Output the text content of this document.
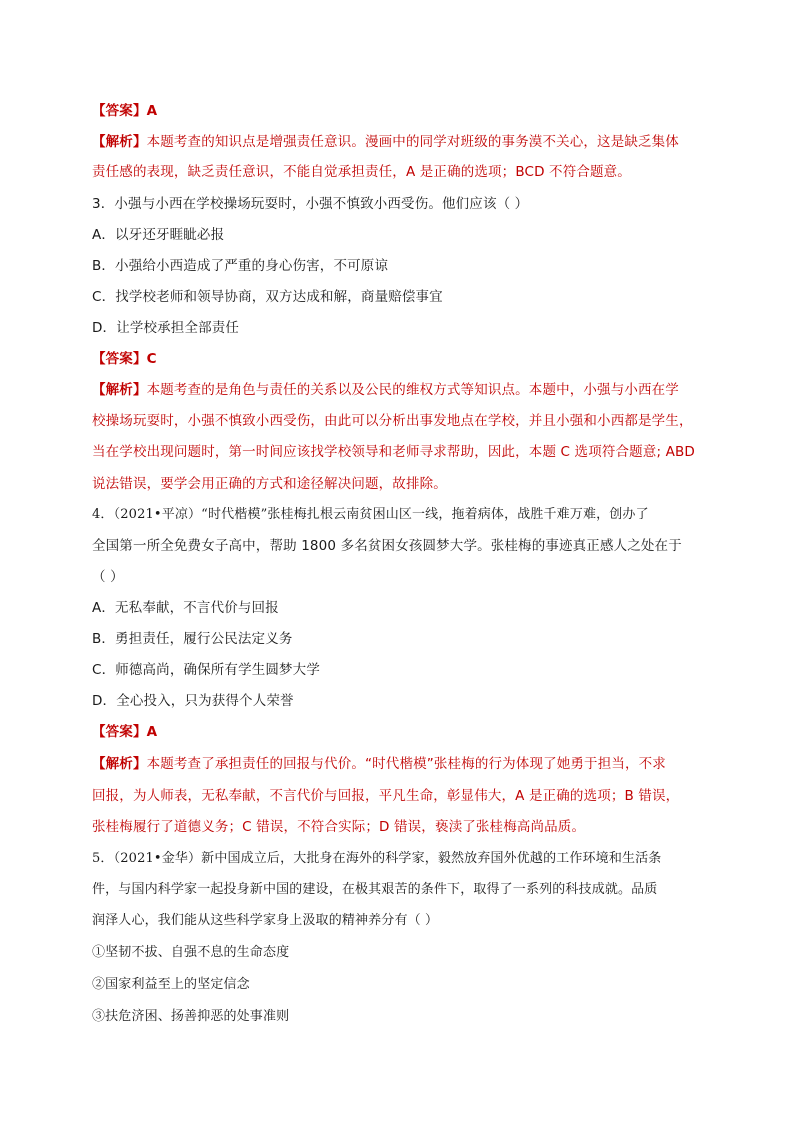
【答案】A
【解析】本题考查的知识点是增强责任意识。漫画中的同学对班级的事务漠不关心，这是缺乏集体
责任感的表现，缺乏责任意识，不能自觉承担责任，A 是正确的选项；BCD 不符合题意。
3．小强与小西在学校操场玩耍时，小强不慎致小西受伤。他们应该（ ）
A．以牙还牙睚眦必报
B．小强给小西造成了严重的身心伤害，不可原谅
C．找学校老师和领导协商，双方达成和解，商量赔偿事宜
D．让学校承担全部责任
【答案】C
【解析】本题考查的是角色与责任的关系以及公民的维权方式等知识点。本题中，小强与小西在学
校操场玩耍时，小强不慎致小西受伤，由此可以分析出事发地点在学校，并且小强和小西都是学生，
当在学校出现问题时，第一时间应该找学校领导和老师寻求帮助，因此，本题 C 选项符合题意; ABD
说法错误，要学会用正确的方式和途径解决问题，故排除。
4．（2021•平凉）“时代楷模”张桂梅扎根云南贫困山区一线，拖着病体，战胜千难万难，创办了
全国第一所全免费女子高中，帮助 1800 多名贫困女孩圆梦大学。张桂梅的事迹真正感人之处在于
（ ）
A．无私奉献，不言代价与回报
B．勇担责任，履行公民法定义务
C．师德高尚，确保所有学生圆梦大学
D．全心投入，只为获得个人荣誉
【答案】A
【解析】本题考查了承担责任的回报与代价。“时代楷模”张桂梅的行为体现了她勇于担当，不求
回报，为人师表，无私奉献，不言代价与回报，平凡生命，彰显伟大，A 是正确的选项；B 错误，
张桂梅履行了道德义务；C 错误，不符合实际；D 错误，亵渎了张桂梅高尚品质。
5．（2021•金华）新中国成立后，大批身在海外的科学家，毅然放弃国外优越的工作环境和生活条
件，与国内科学家一起投身新中国的建设，在极其艰苦的条件下，取得了一系列的科技成就。品质
润泽人心，我们能从这些科学家身上汲取的精神养分有（ ）
①坚韧不拔、自强不息的生命态度
②国家利益至上的坚定信念
③扶危济困、扬善抑恶的处事准则
